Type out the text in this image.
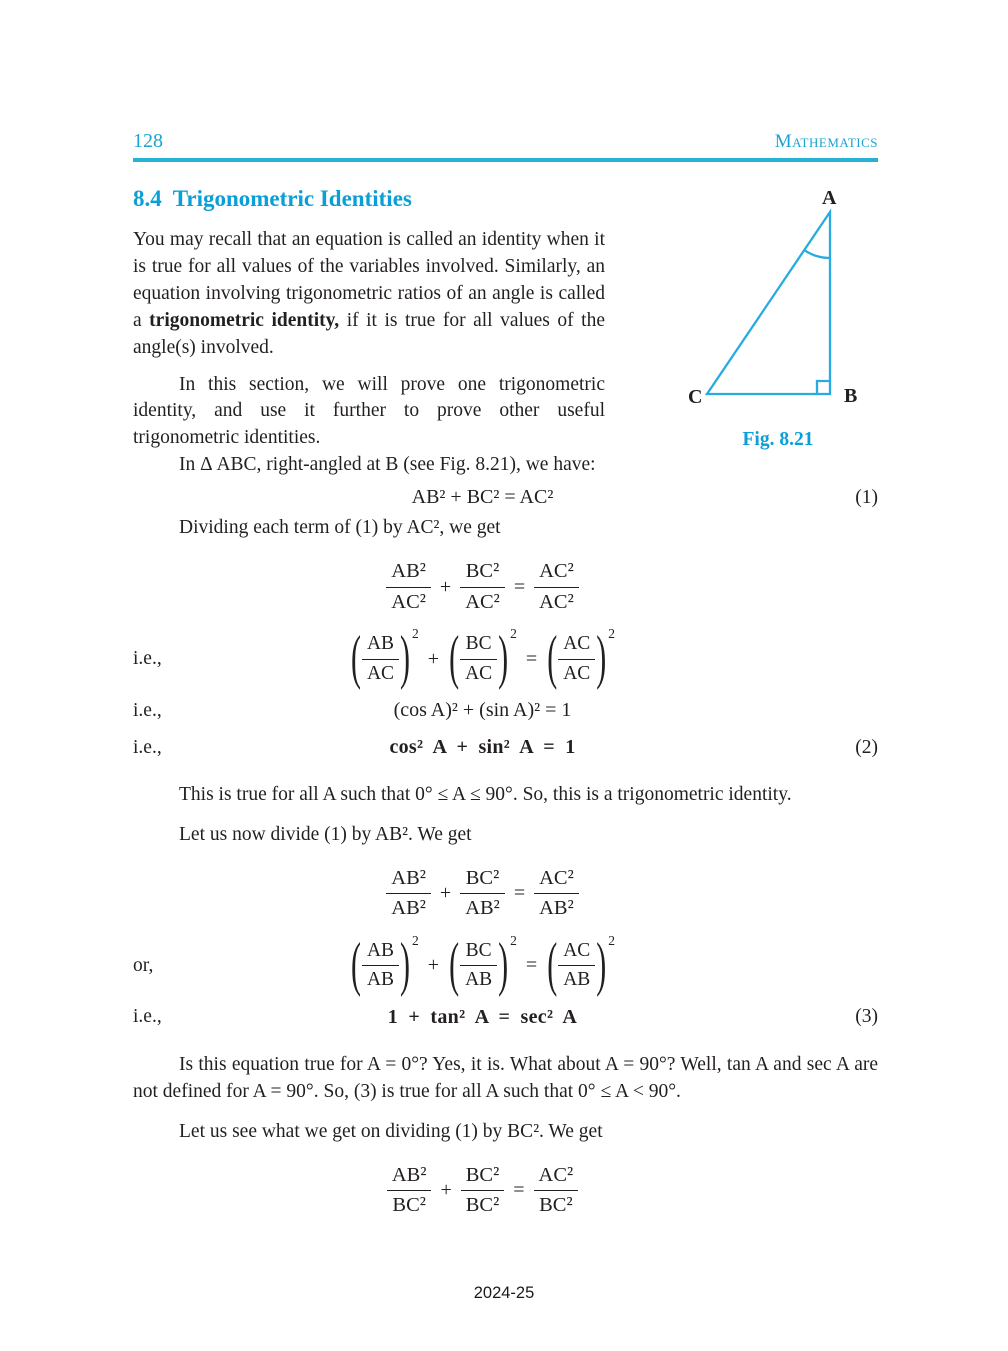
128	Mathematics
8.4 Trigonometric Identities

You may recall that an equation is called an identity when it is true for all values of the variables involved. Similarly, an equation involving trigonometric ratios of an angle is called a trigonometric identity, if it is true for all values of the angle(s) involved.

In this section, we will prove one trigonometric identity, and use it further to prove other useful trigonometric identities.

A
B
C
Fig. 8.21

In Δ ABC, right-angled at B (see Fig. 8.21), we have:

AB² + BC² = AC²	(1)

Dividing each term of (1) by AC², we get

$\frac{\text{AB²}}{\text{AC²}} + \frac{\text{BC²}}{\text{AC²}} = \frac{\text{AC²}}{\text{AC²}}$
i.e.,	( $\frac{AB}{AC}$ ) 2
+ ( $\frac{BC}{AC}$ ) 2
= ( $\frac{AC}{AC}$ ) 2
i.e.,	(cos A)² + (sin A)² = 1
i.e.,	cos² A + sin² A = 1	(2)

This is true for all A such that 0° ≤ A ≤ 90°. So, this is a trigonometric identity.

Let us now divide (1) by AB². We get

$\frac{\text{AB²}}{\text{AB²}} + \frac{\text{BC²}}{\text{AB²}} = \frac{\text{AC²}}{\text{AB²}}$
or,	( $\frac{AB}{AB}$ ) 2
+ ( $\frac{BC}{AB}$ ) 2
= ( $\frac{AC}{AB}$ ) 2
i.e.,	1 + tan² A = sec² A	(3)

Is this equation true for A = 0°? Yes, it is. What about A = 90°? Well, tan A and sec A are not defined for A = 90°. So, (3) is true for all A such that 0° ≤ A < 90°.

Let us see what we get on dividing (1) by BC². We get

$\frac{\text{AB²}}{\text{BC²}} + \frac{\text{BC²}}{\text{BC²}} = \frac{\text{AC²}}{\text{BC²}}$
2024-25
